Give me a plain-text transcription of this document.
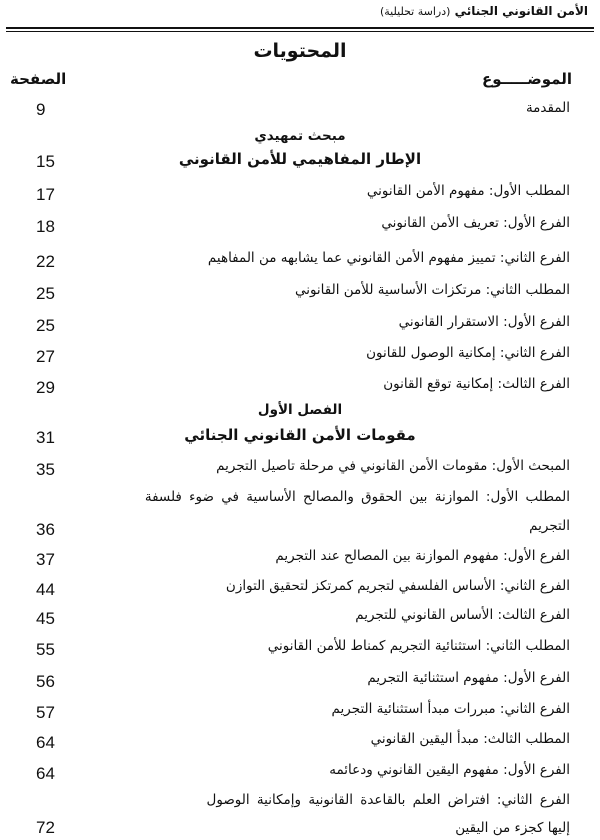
الأمن القانوني الجنائي (دراسة تحليلية)
المحتويات
الموضـــــوع
الصفحة
المقدمة
9
مبحث تمهيدي
الإطار المفاهيمي للأمن القانوني
15
المطلب الأول: مفهوم الأمن القانوني
17
الفرع الأول: تعريف الأمن القانوني
18
الفرع الثاني: تمييز مفهوم الأمن القانوني عما يشابهه من المفاهيم
22
المطلب الثاني: مرتكزات الأساسية للأمن القانوني
25
الفرع الأول: الاستقرار القانوني
25
الفرع الثاني: إمكانية الوصول للقانون
27
الفرع الثالث: إمكانية توقع القانون
29
الفصل الأول
مقومات الأمن القانوني الجنائي
31
المبحث الأول: مقومات الأمن القانوني في مرحلة تاصيل التجريم
35
المطلب الأول: الموازنة بين الحقوق والمصالح الأساسية في ضوء فلسفة
التجريم
36
الفرع الأول: مفهوم الموازنة بين المصالح عند التجريم
37
الفرع الثاني: الأساس الفلسفي لتجريم كمرتكز لتحقيق التوازن
44
الفرع الثالث: الأساس القانوني للتجريم
45
المطلب الثاني: استثنائية التجريم كمناط للأمن القانوني
55
الفرع الأول: مفهوم استثنائية التجريم
56
الفرع الثاني: مبررات مبدأ استثنائية التجريم
57
المطلب الثالث: مبدأ اليقين القانوني
64
الفرع الأول: مفهوم اليقين القانوني ودعائمه
64
الفرع الثاني: افتراض العلم بالقاعدة القانونية وإمكانية الوصول
إليها كجزء من اليقين
72
